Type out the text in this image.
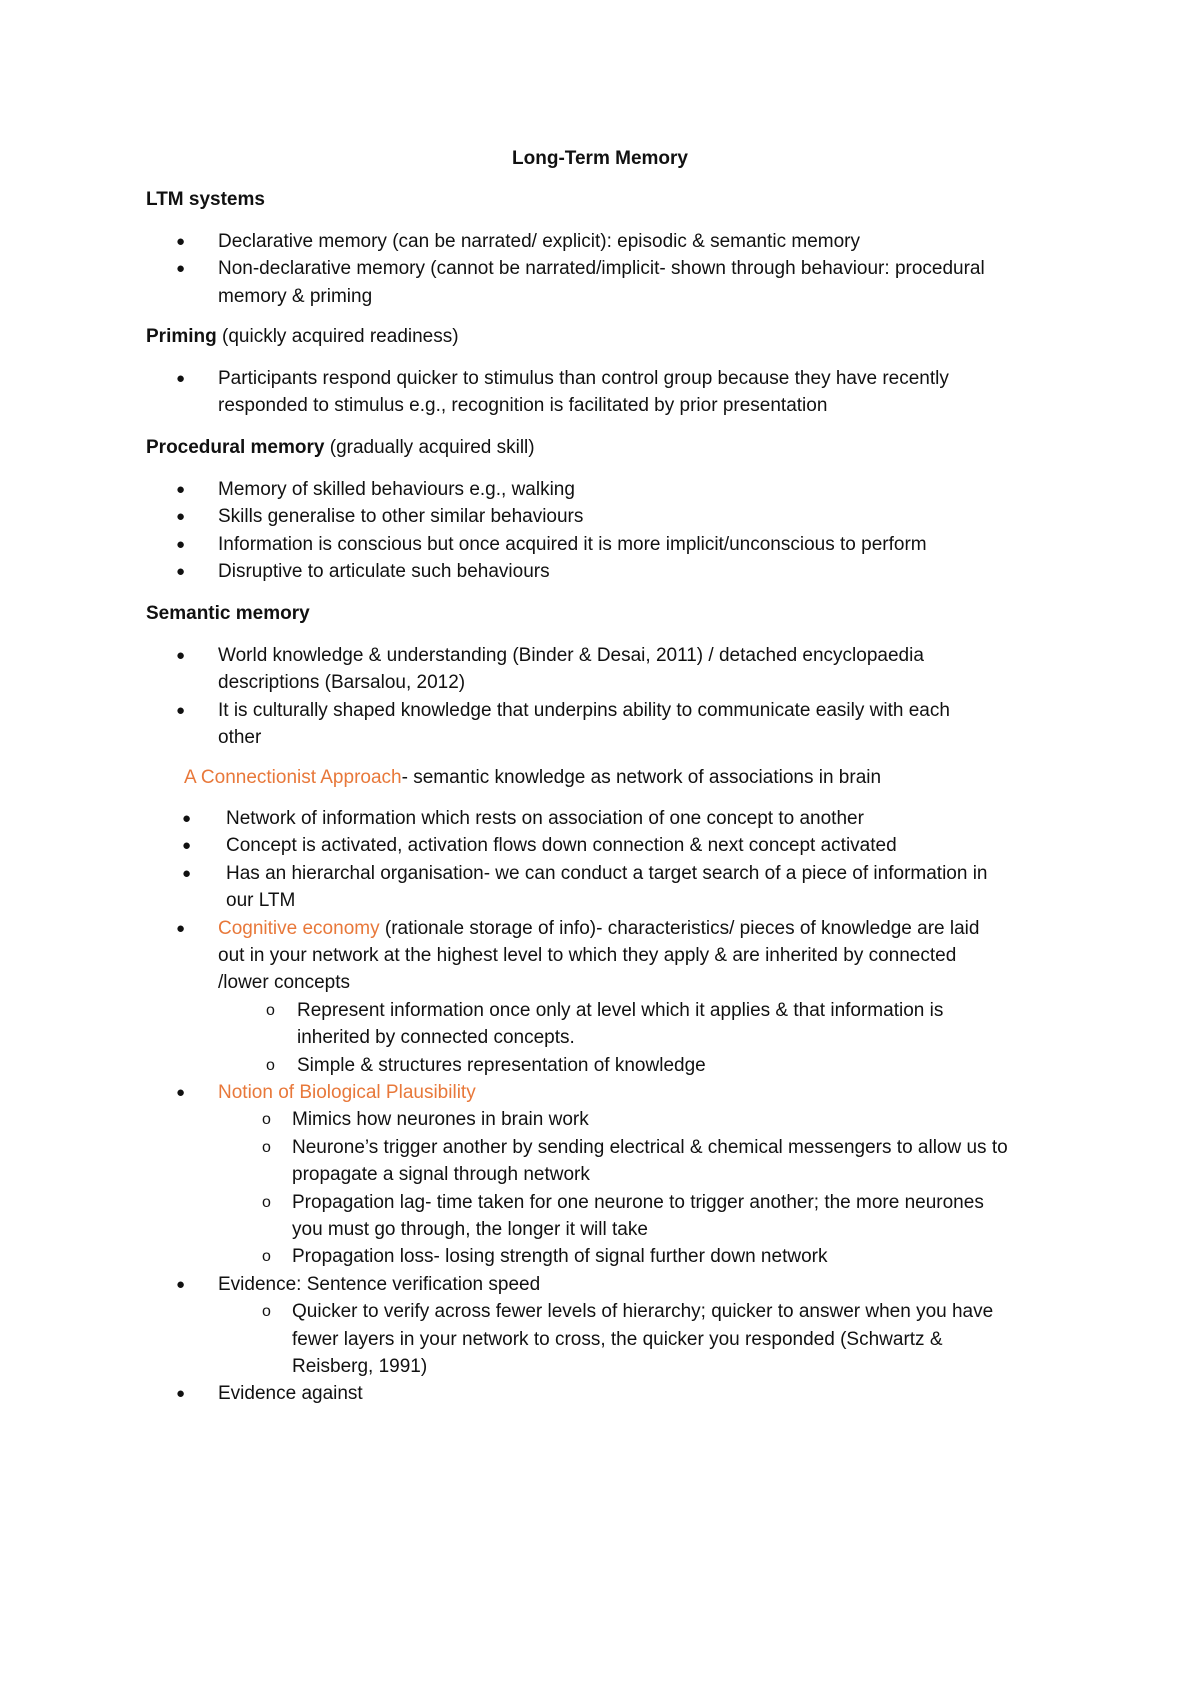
Long-Term Memory
LTM systems
Priming (quickly acquired readiness)
Procedural memory (gradually acquired skill)
Semantic memory
A Connectionist Approach- semantic knowledge as network of associations in brain
● Declarative memory (can be narrated/ explicit): episodic & semantic memory
● Non-declarative memory (cannot be narrated/implicit- shown through behaviour: procedural
memory & priming
● Participants respond quicker to stimulus than control group because they have recently
responded to stimulus e.g., recognition is facilitated by prior presentation
● Memory of skilled behaviours e.g., walking
● Skills generalise to other similar behaviours
● Information is conscious but once acquired it is more implicit/unconscious to perform
● Disruptive to articulate such behaviours
● World knowledge & understanding (Binder & Desai, 2011) / detached encyclopaedia
descriptions (Barsalou, 2012)
● It is culturally shaped knowledge that underpins ability to communicate easily with each
other
● Network of information which rests on association of one concept to another
● Concept is activated, activation flows down connection & next concept activated
● Has an hierarchal organisation- we can conduct a target search of a piece of information in
our LTM
● Cognitive economy (rationale storage of info)- characteristics/ pieces of knowledge are laid
out in your network at the highest level to which they apply & are inherited by connected
/lower concepts
o Represent information once only at level which it applies & that information is
inherited by connected concepts.
o Simple & structures representation of knowledge
● Notion of Biological Plausibility
o Mimics how neurones in brain work
o Neurone’s trigger another by sending electrical & chemical messengers to allow us to
propagate a signal through network
o Propagation lag- time taken for one neurone to trigger another; the more neurones
you must go through, the longer it will take
o Propagation loss- losing strength of signal further down network
● Evidence: Sentence verification speed
o Quicker to verify across fewer levels of hierarchy; quicker to answer when you have
fewer layers in your network to cross, the quicker you responded (Schwartz &
Reisberg, 1991)
● Evidence against
